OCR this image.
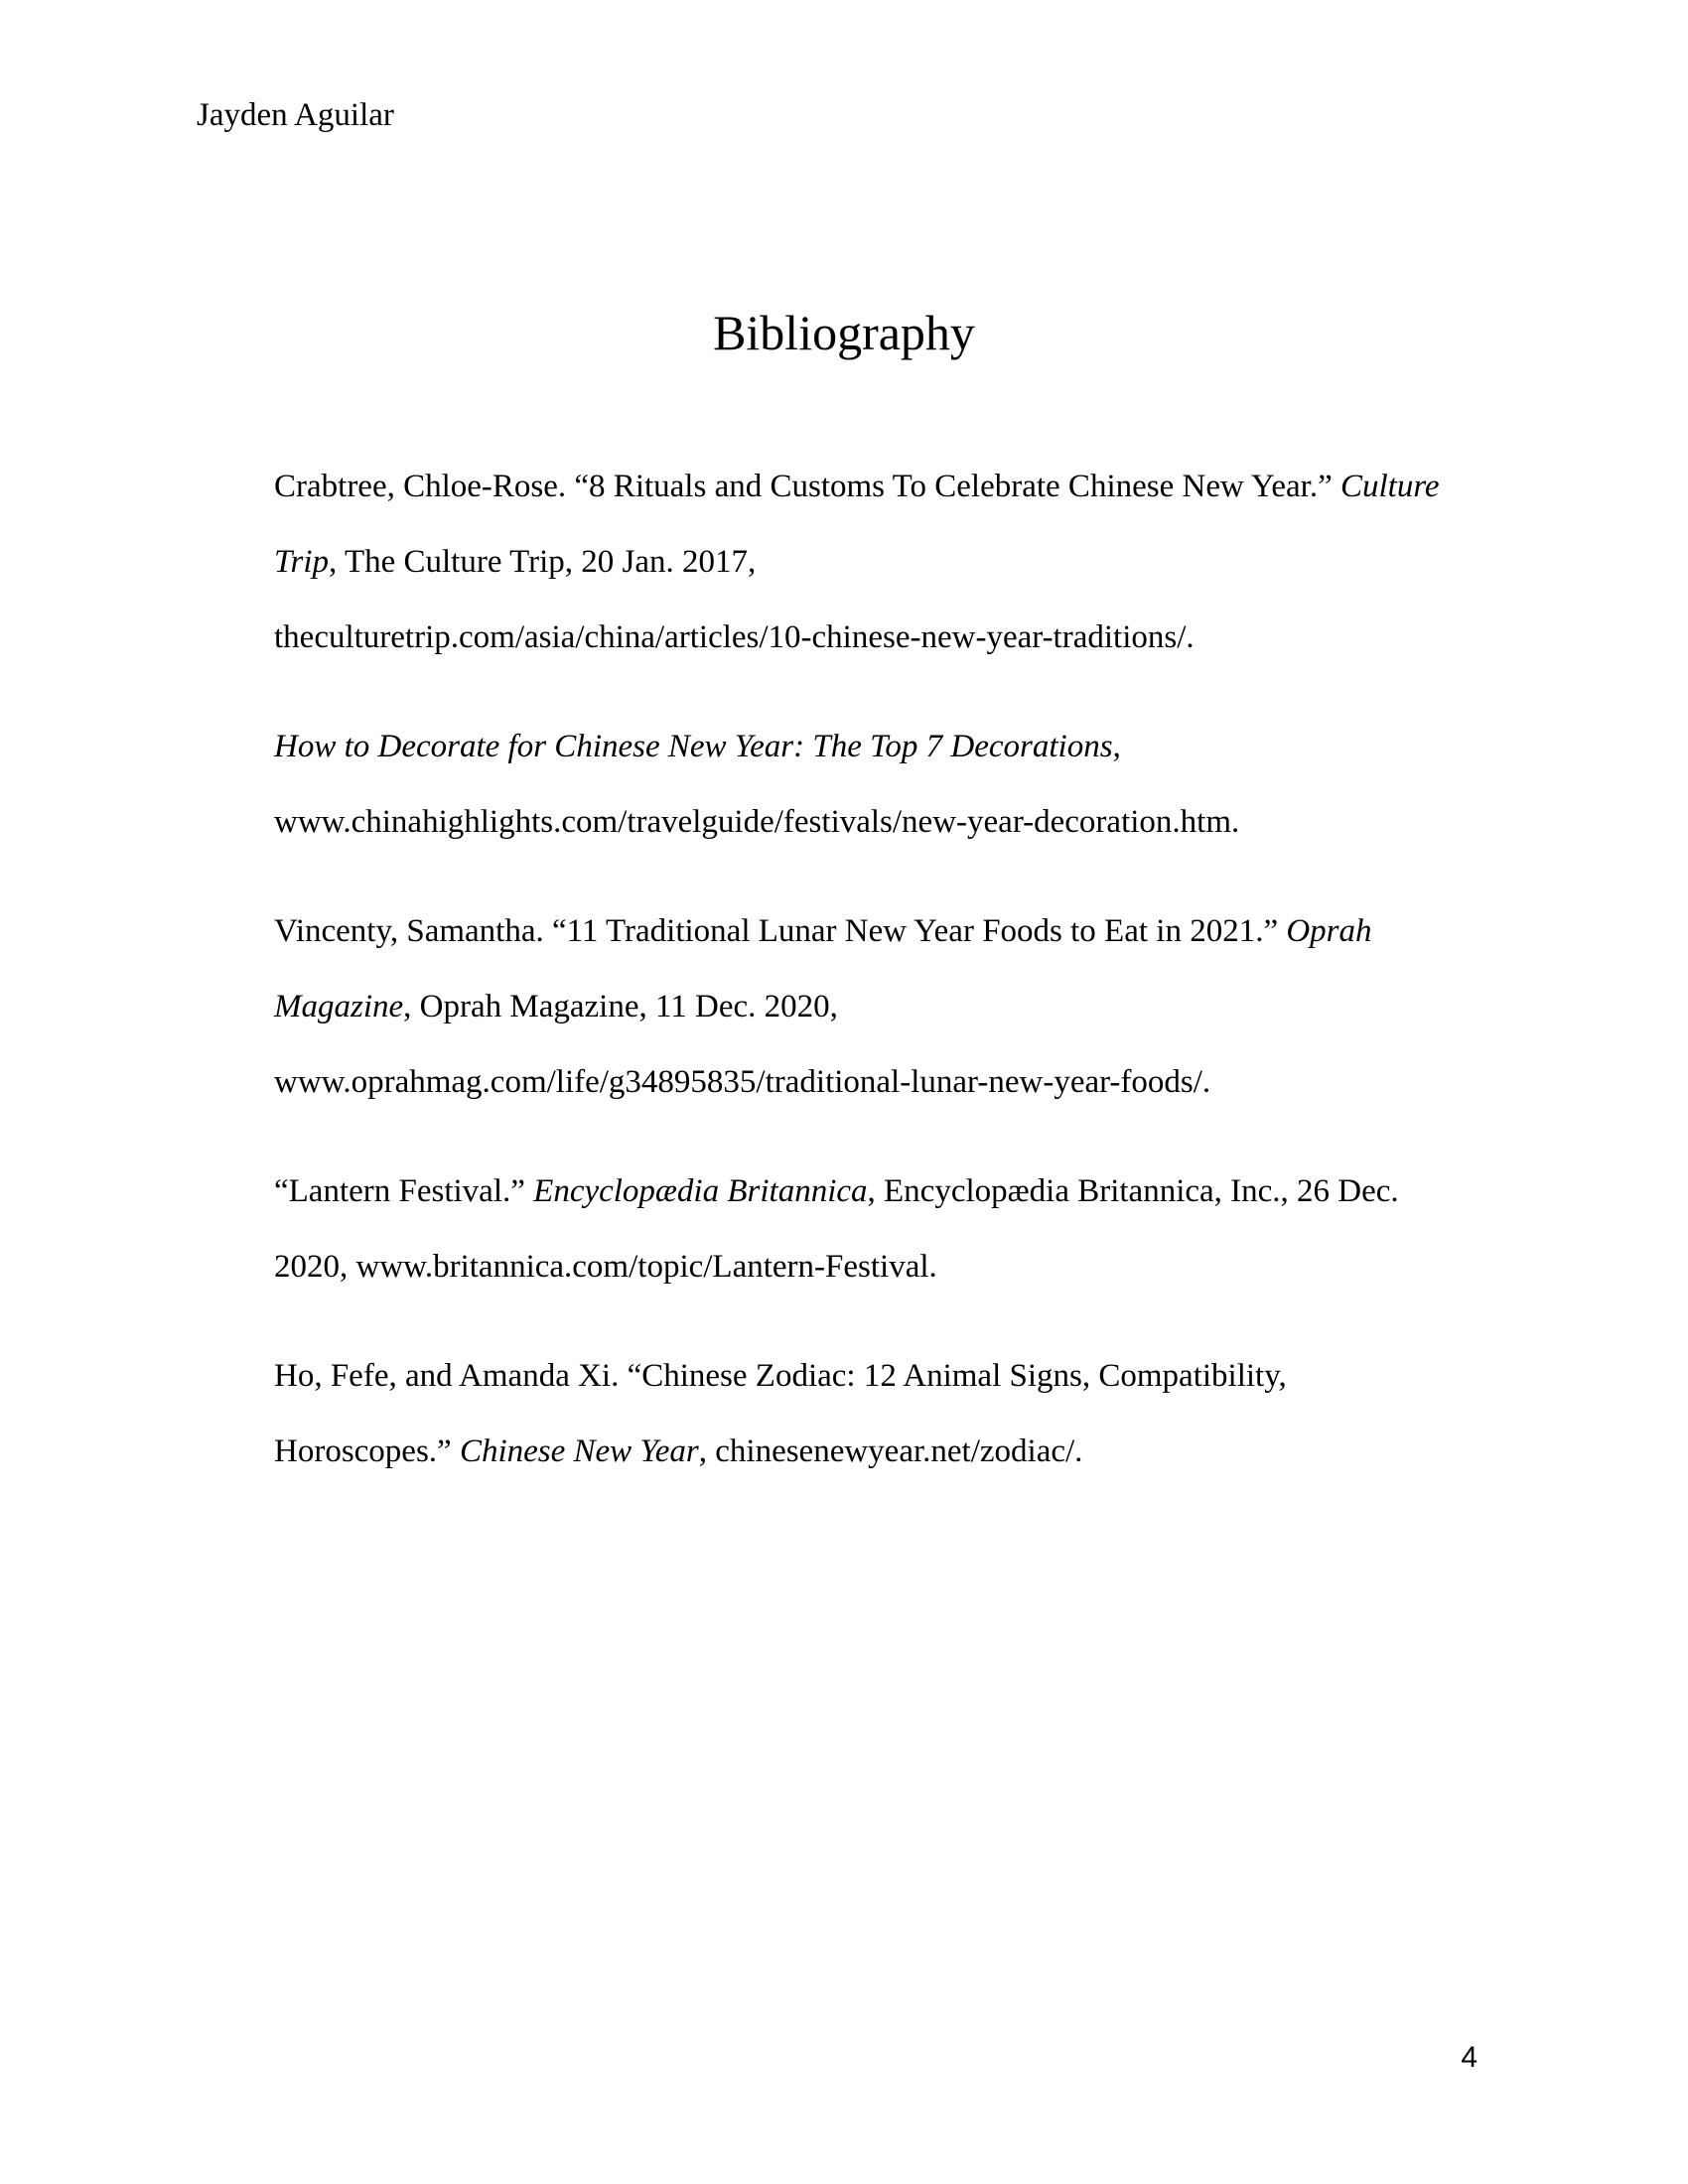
Jayden Aguilar

Bibliography
Crabtree, Chloe-Rose. “8 Rituals and Customs To Celebrate Chinese New Year.” Culture
Trip, The Culture Trip, 20 Jan. 2017,
theculturetrip.com/asia/china/articles/10-chinese-new-year-traditions/.
How to Decorate for Chinese New Year: The Top 7 Decorations,
www.chinahighlights.com/travelguide/festivals/new-year-decoration.htm.
Vincenty, Samantha. “11 Traditional Lunar New Year Foods to Eat in 2021.” Oprah
Magazine, Oprah Magazine, 11 Dec. 2020,
www.oprahmag.com/life/g34895835/traditional-lunar-new-year-foods/.
“Lantern Festival.” Encyclopædia Britannica, Encyclopædia Britannica, Inc., 26 Dec.
2020, www.britannica.com/topic/Lantern-Festival.
Ho, Fefe, and Amanda Xi. “Chinese Zodiac: 12 Animal Signs, Compatibility,
Horoscopes.” Chinese New Year, chinesenewyear.net/zodiac/.

4
